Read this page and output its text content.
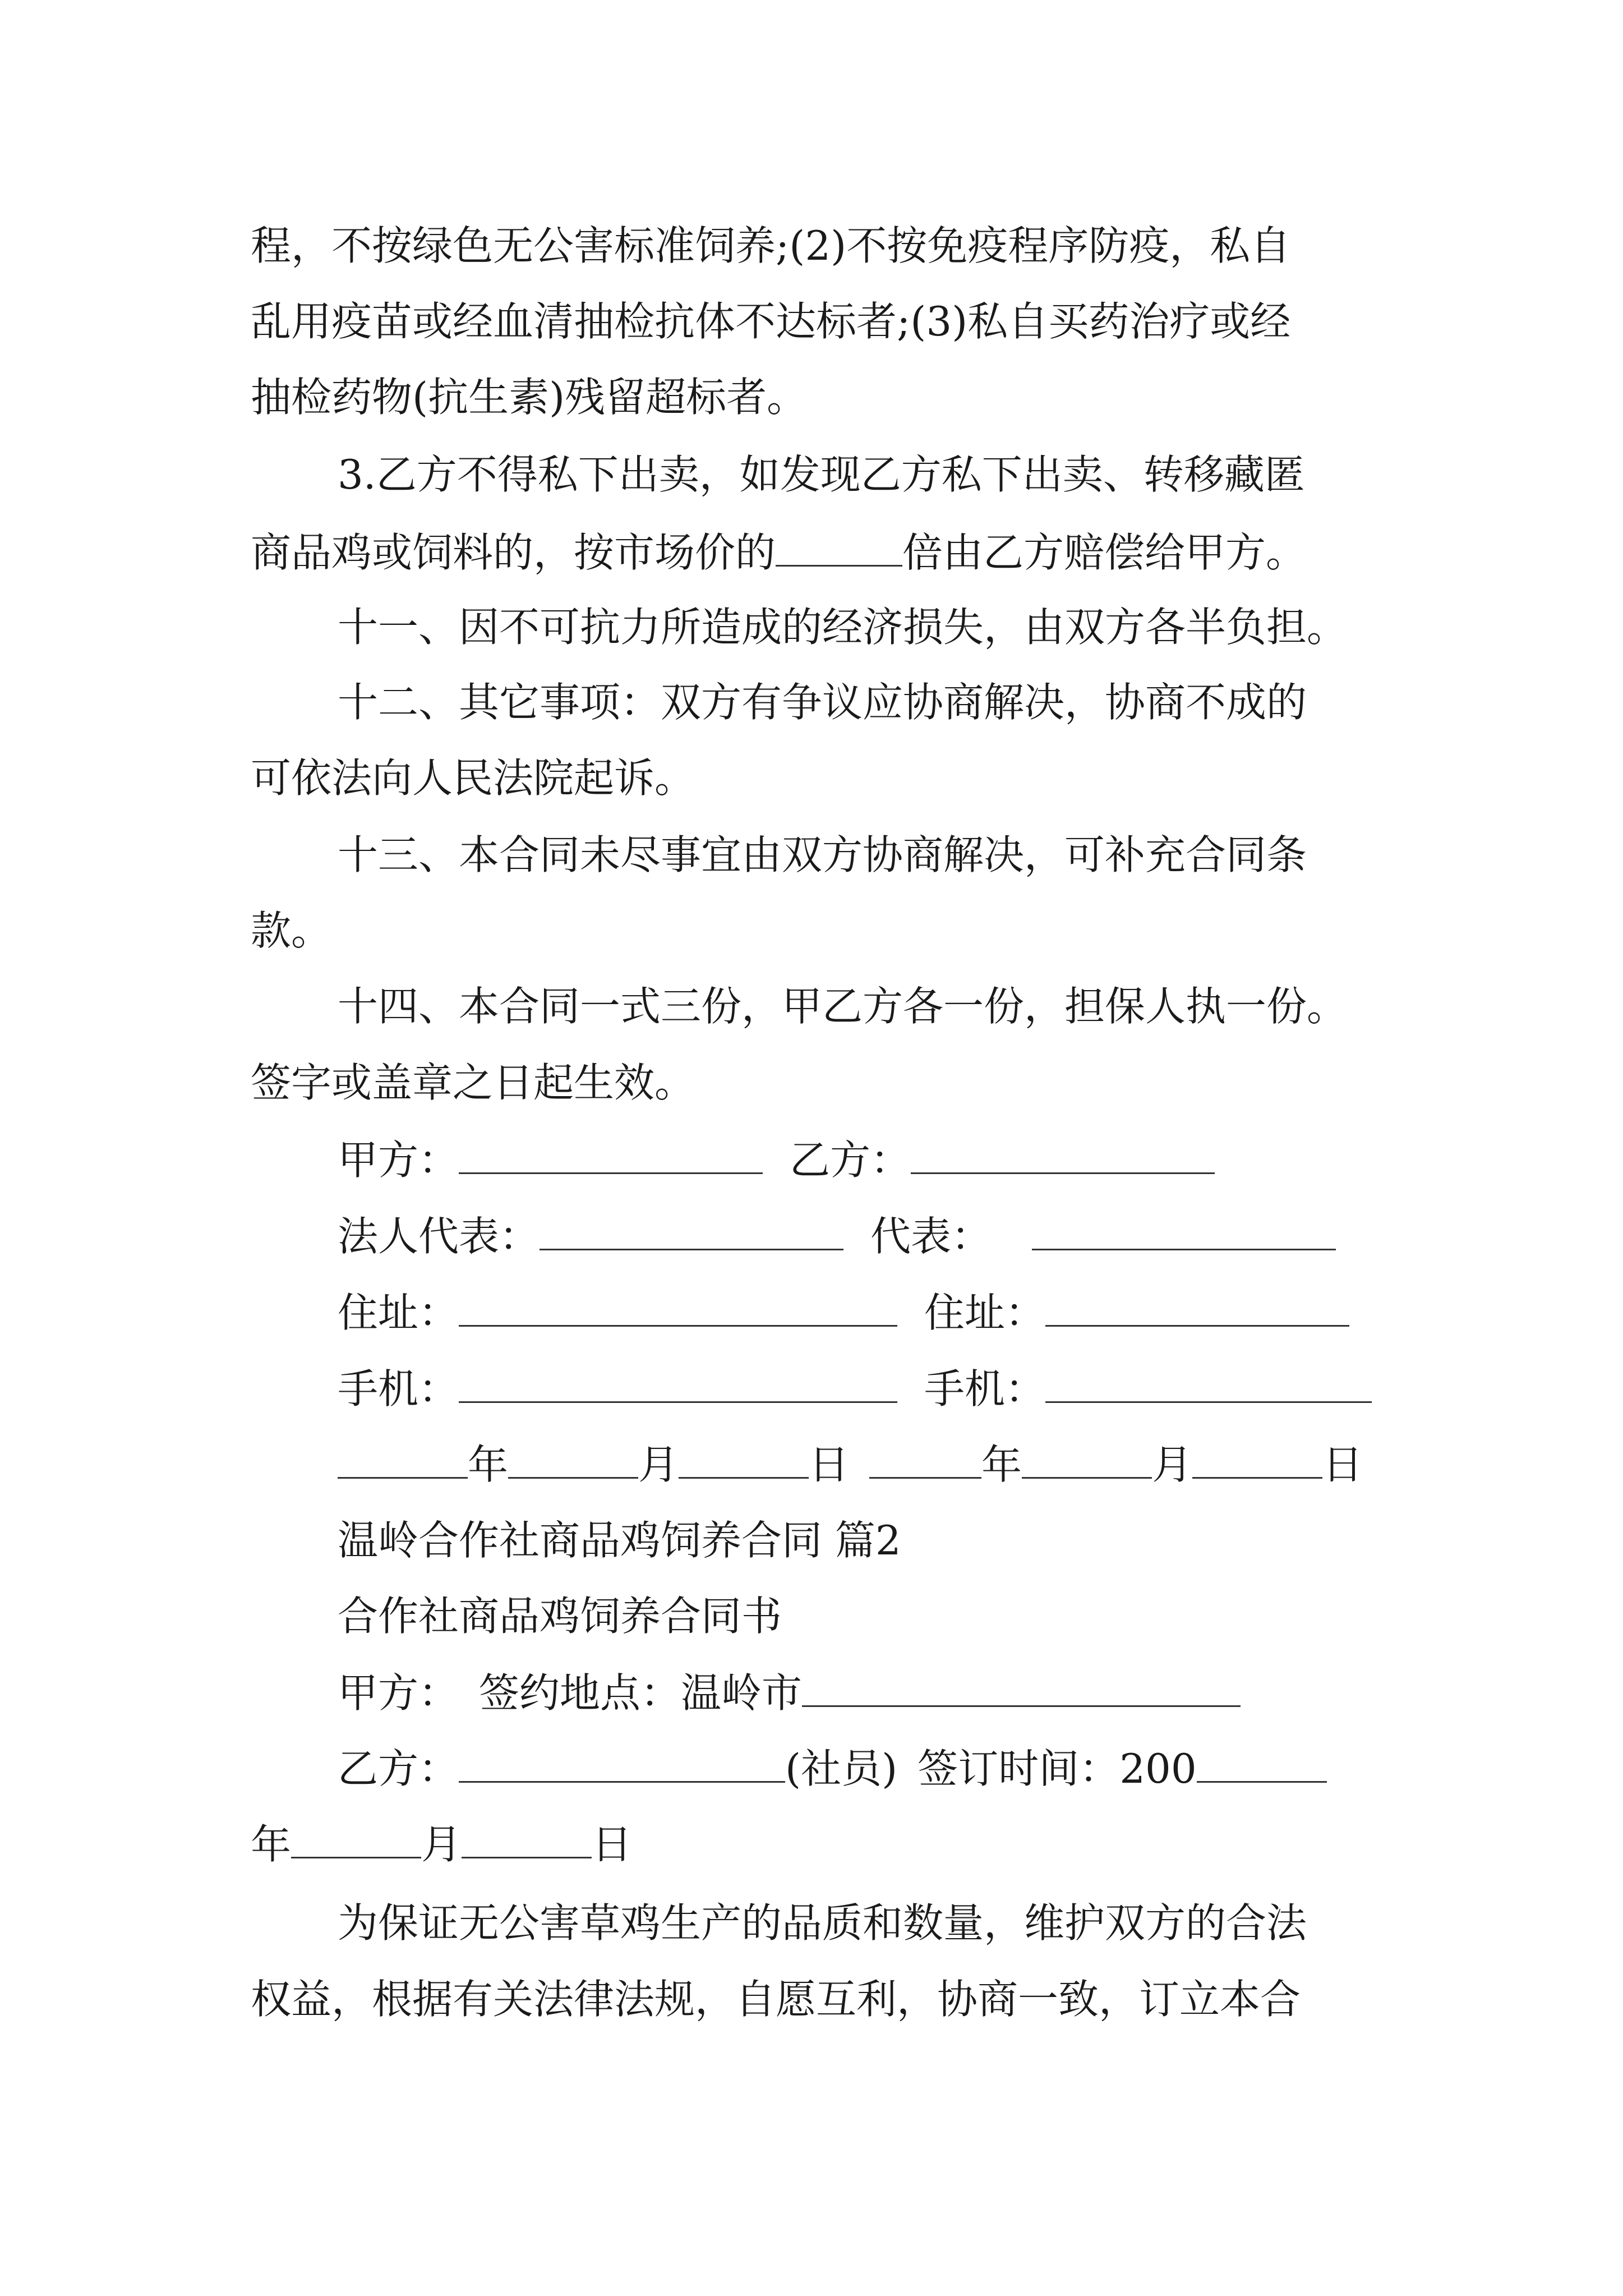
程，不按绿色无公害标准饲养;(2)不按免疫程序防疫，私自
乱用疫苗或经血清抽检抗体不达标者;(3)私自买药治疗或经
抽检药物(抗生素)残留超标者。
3.乙方不得私下出卖，如发现乙方私下出卖、转移藏匿
商品鸡或饲料的，按市场价的	倍由乙方赔偿给甲方。
十一、因不可抗力所造成的经济损失，由双方各半负担。
十二、其它事项：双方有争议应协商解决，协商不成的
可依法向人民法院起诉。
十三、本合同未尽事宜由双方协商解决，可补充合同条
款。
十四、本合同一式三份，甲乙方各一份，担保人执一份。
签字或盖章之日起生效。
甲方：	乙方：
法人代表：	代表：
住址：	住址：
手机：	手机：
年	月	日	年	月	日
温岭合作社商品鸡饲养合同 篇2
合作社商品鸡饲养合同书
甲方： 签约地点：温岭市
乙方：	(社员) 签订时间：200
年	月	日
为保证无公害草鸡生产的品质和数量，维护双方的合法
权益，根据有关法律法规，自愿互利，协商一致，订立本合
